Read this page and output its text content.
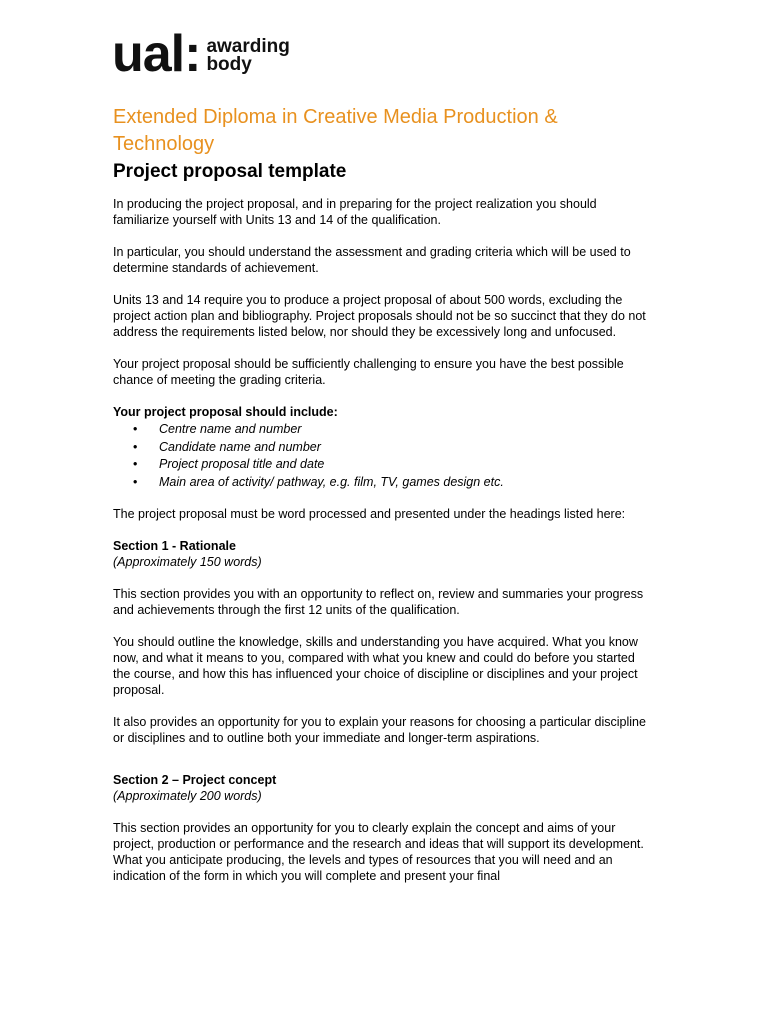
ual: awarding
body
Extended Diploma in Creative Media Production & Technology
Project proposal template

In producing the project proposal, and in preparing for the project realization you should familiarize yourself with Units 13 and 14 of the qualification.

In particular, you should understand the assessment and grading criteria which will be used to determine standards of achievement.

Units 13 and 14 require you to produce a project proposal of about 500 words, excluding the project action plan and bibliography. Project proposals should not be so succinct that they do not address the requirements listed below, nor should they be excessively long and unfocused.

Your project proposal should be sufficiently challenging to ensure you have the best possible chance of meeting the grading criteria.

Your project proposal should include:
• Centre name and number
• Candidate name and number
• Project proposal title and date
• Main area of activity/ pathway, e.g. film, TV, games design etc.

The project proposal must be word processed and presented under the headings listed here:

Section 1 - Rationale
(Approximately 150 words)

This section provides you with an opportunity to reflect on, review and summaries your progress and achievements through the first 12 units of the qualification.

You should outline the knowledge, skills and understanding you have acquired. What you know now, and what it means to you, compared with what you knew and could do before you started the course, and how this has influenced your choice of discipline or disciplines and your project proposal.

It also provides an opportunity for you to explain your reasons for choosing a particular discipline or disciplines and to outline both your immediate and longer-term aspirations.

Section 2 – Project concept
(Approximately 200 words)

This section provides an opportunity for you to clearly explain the concept and aims of your project, production or performance and the research and ideas that will support its development. What you anticipate producing, the levels and types of resources that you will need and an indication of the form in which you will complete and present your final
